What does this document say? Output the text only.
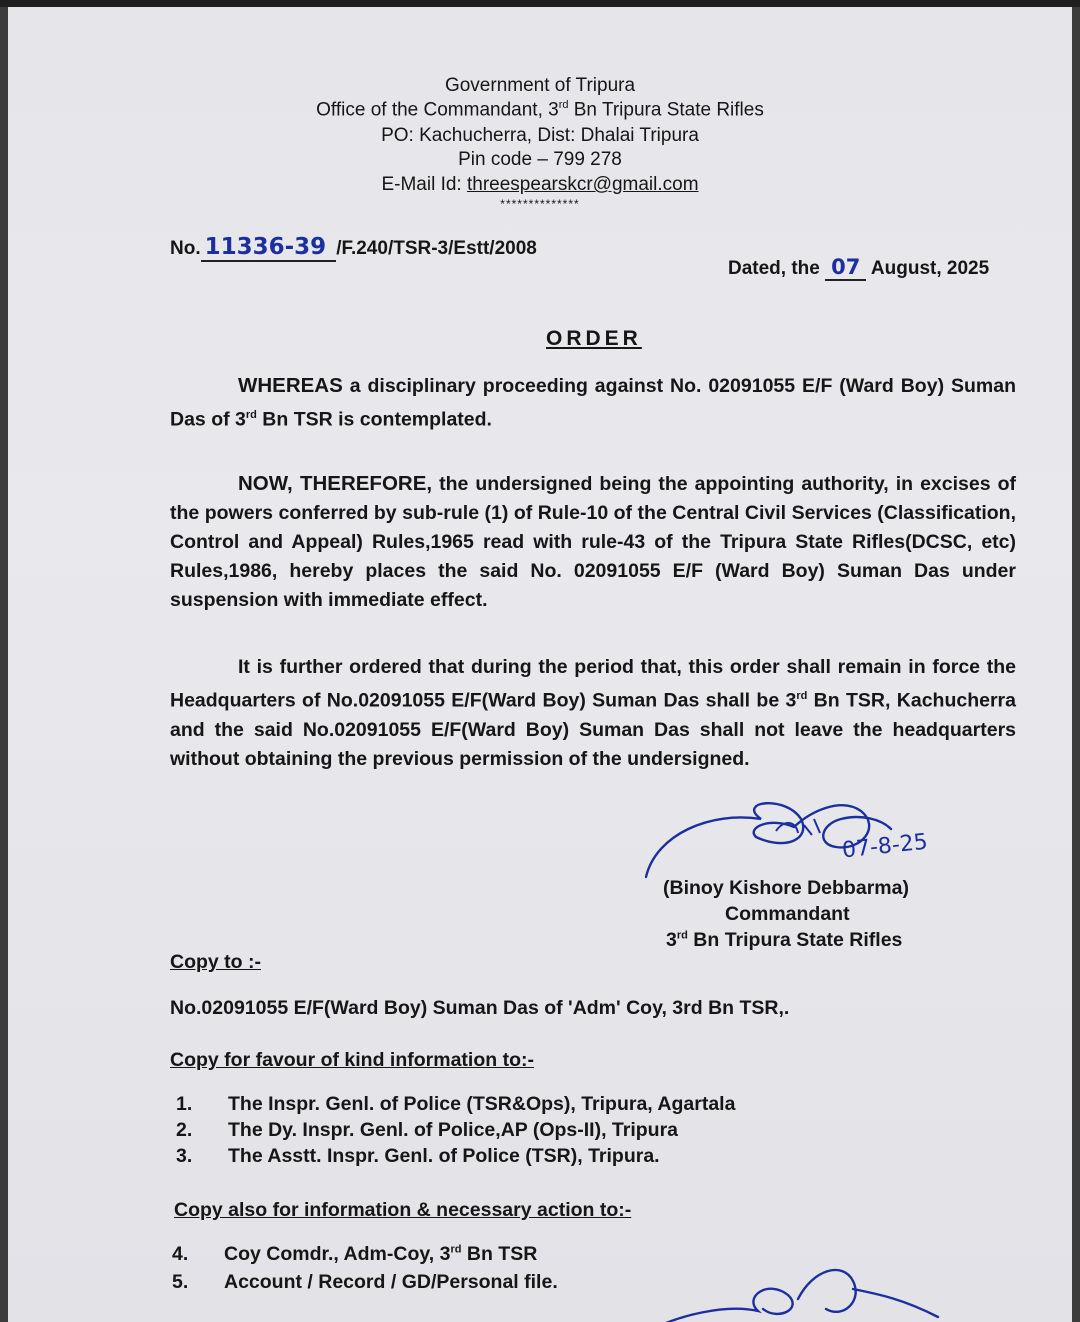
Government of Tripura
Office of the Commandant, 3rd Bn Tripura State Rifles
PO: Kachucherra, Dist: Dhalai Tripura
Pin code – 799 278
E-Mail Id: threespearskcr@gmail.com
**************
No. 11336-39 /F.240/TSR-3/Estt/2008
Dated, the 07 August, 2025
ORDER
WHEREAS a disciplinary proceeding against No. 02091055 E/F (Ward Boy) Suman Das of 3rd Bn TSR is contemplated.
NOW, THEREFORE, the undersigned being the appointing authority, in excises of the powers conferred by sub-rule (1) of Rule-10 of the Central Civil Services (Classification, Control and Appeal) Rules,1965 read with rule-43 of the Tripura State Rifles(DCSC, etc) Rules,1986, hereby places the said No. 02091055 E/F (Ward Boy) Suman Das under suspension with immediate effect.
It is further ordered that during the period that, this order shall remain in force the Headquarters of No.02091055 E/F(Ward Boy) Suman Das shall be 3rd Bn TSR, Kachucherra and the said No.02091055 E/F(Ward Boy) Suman Das shall not leave the headquarters without obtaining the previous permission of the undersigned.
07-8-25
(Binoy Kishore Debbarma)
Commandant
3rd Bn Tripura State Rifles
Copy to :-
No.02091055 E/F(Ward Boy) Suman Das of 'Adm' Coy, 3rd Bn TSR,.
Copy for favour of kind information to:-
1. The Inspr. Genl. of Police (TSR&Ops), Tripura, Agartala
2. The Dy. Inspr. Genl. of Police,AP (Ops-II), Tripura
3. The Asstt. Inspr. Genl. of Police (TSR), Tripura.
Copy also for information & necessary action to:-
4. Coy Comdr., Adm-Coy, 3rd Bn TSR
5. Account / Record / GD/Personal file.
